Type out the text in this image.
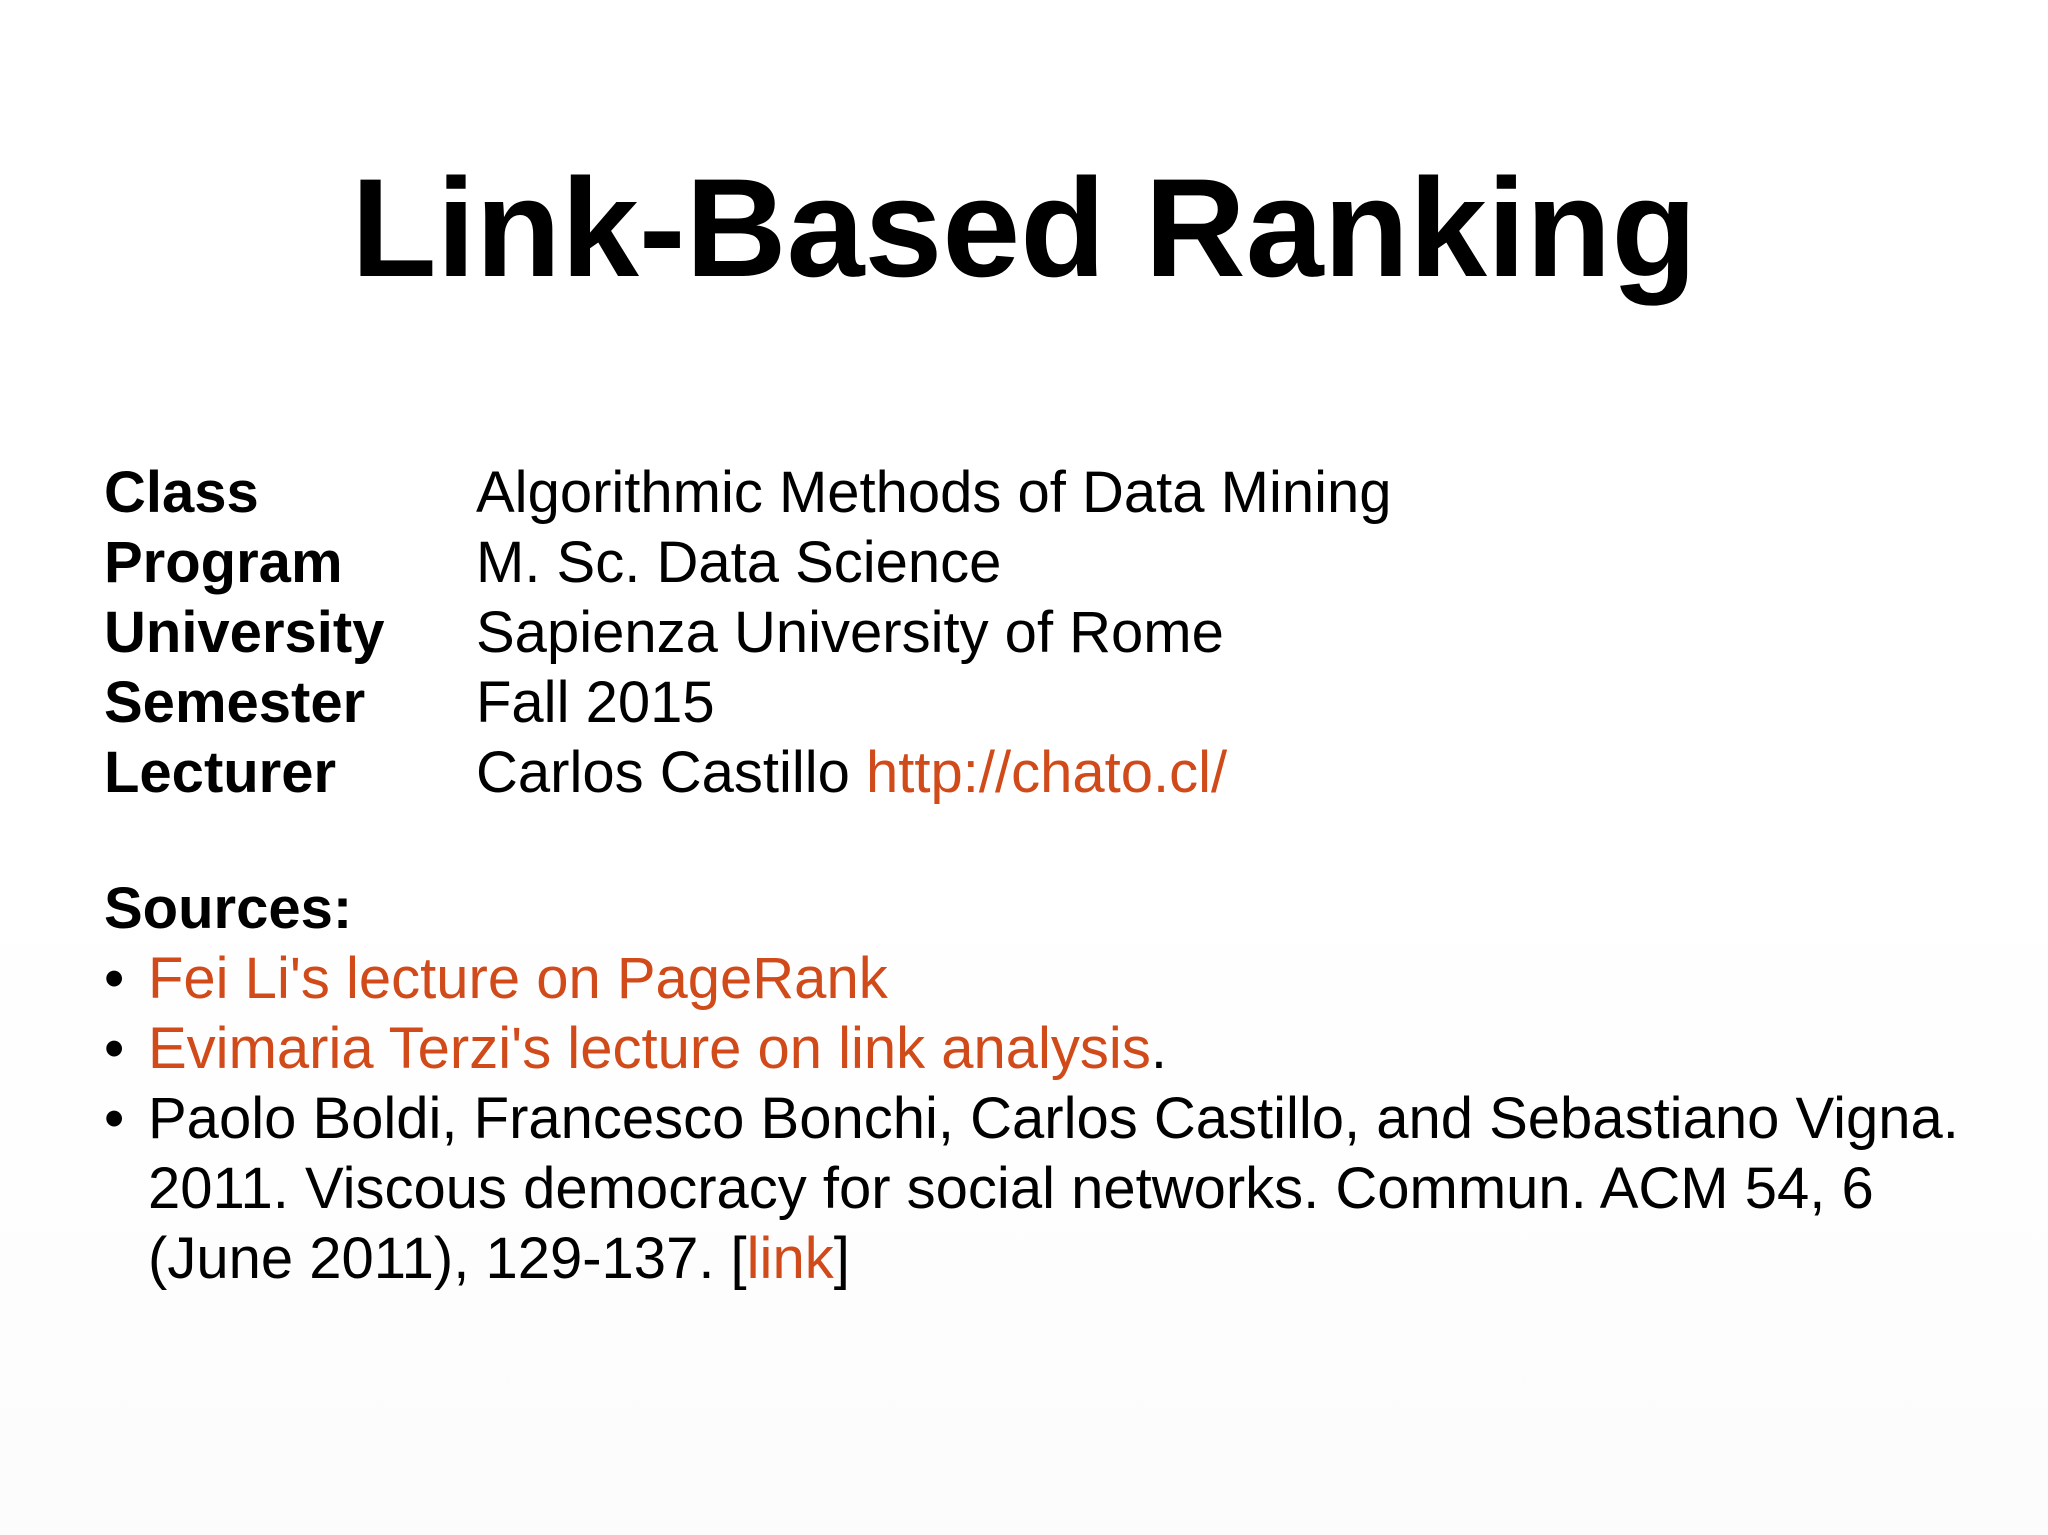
Link-Based Ranking
Class	Algorithmic Methods of Data Mining
Program	M. Sc. Data Science
University	Sapienza University of Rome
Semester	Fall 2015
Lecturer	Carlos Castillo http://chato.cl/
Sources:
• Fei Li's lecture on PageRank
• Evimaria Terzi's lecture on link analysis.
• Paolo Boldi, Francesco Bonchi, Carlos Castillo, and Sebastiano Vigna. 2011. Viscous democracy for social networks. Commun. ACM 54, 6 (June 2011), 129-137. [link]
